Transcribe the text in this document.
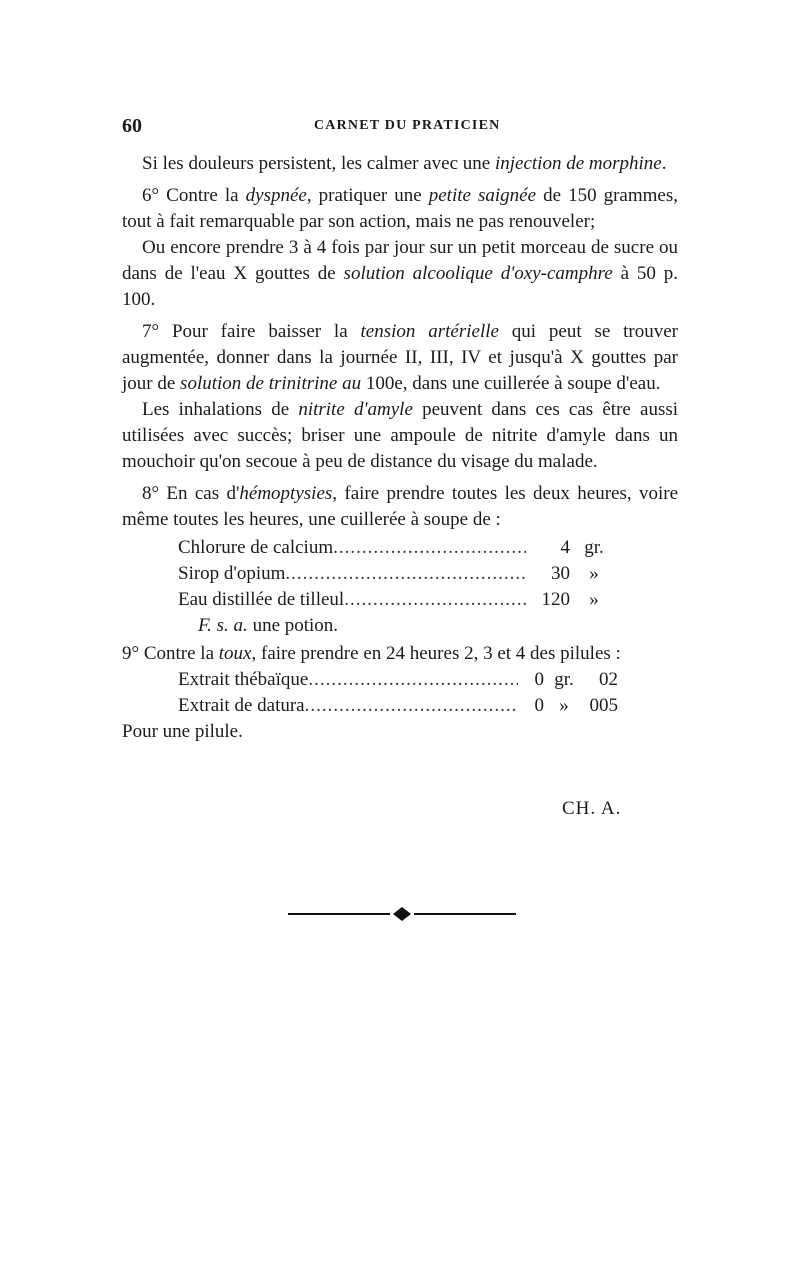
60	CARNET DU PRATICIEN

Si les douleurs persistent, les calmer avec une injection de morphine.

6° Contre la dyspnée, pratiquer une petite saignée de 150 grammes, tout à fait remarquable par son action, mais ne pas renouveler;

Ou encore prendre 3 à 4 fois par jour sur un petit morceau de sucre ou dans de l'eau X gouttes de solution alcoolique d'oxy-camphre à 50 p. 100.

7° Pour faire baisser la tension artérielle qui peut se trouver augmentée, donner dans la journée II, III, IV et jusqu'à X gouttes par jour de solution de trinitrine au 100e, dans une cuillerée à soupe d'eau.

Les inhalations de nitrite d'amyle peuvent dans ces cas être aussi utilisées avec succès; briser une ampoule de nitrite d'amyle dans un mouchoir qu'on secoue à peu de distance du visage du malade.

8° En cas d'hémoptysies, faire prendre toutes les deux heures, voire même toutes les heures, une cuillerée à soupe de :

Chlorure de calcium .....	4 gr.
Sirop d'opium .....	30	»
Eau distillée de tilleul .....	120	»
F. s. a. une potion.

9° Contre la toux, faire prendre en 24 heures 2, 3 et 4 des pilules :

Extrait thébaïque .....	0 gr.	02
Extrait de datura .....	0 »	005

Pour une pilule.

CH. A.
